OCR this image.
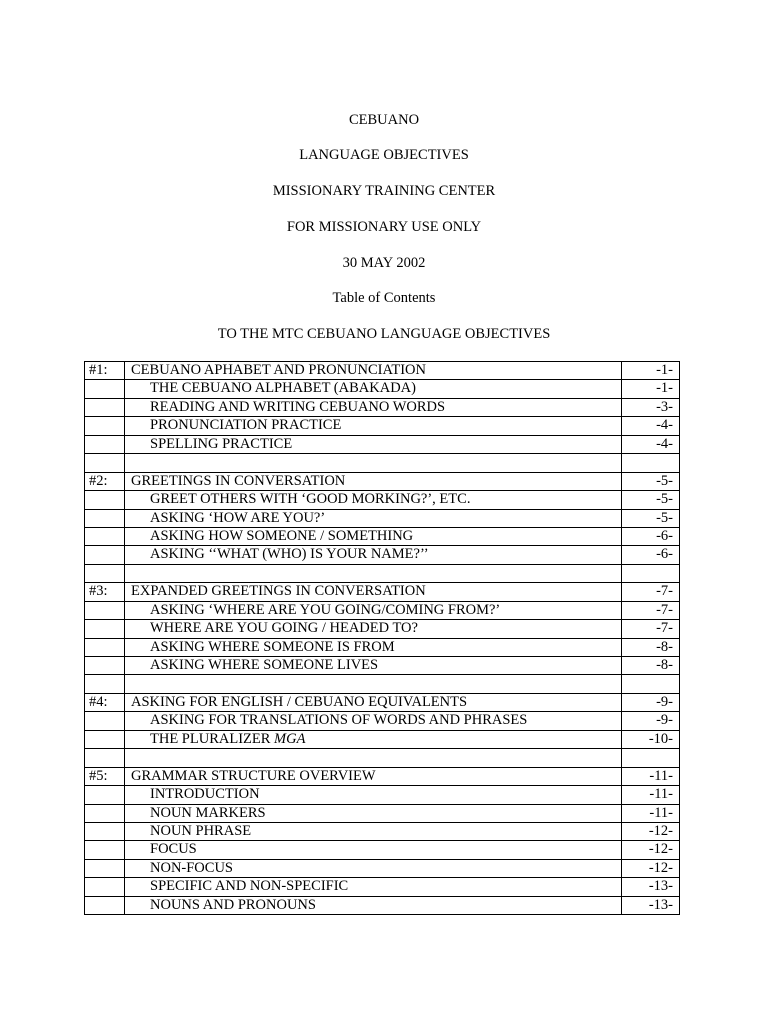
CEBUANO
LANGUAGE OBJECTIVES
MISSIONARY TRAINING CENTER
FOR MISSIONARY USE ONLY
30 MAY 2002
Table of Contents
TO THE MTC CEBUANO LANGUAGE OBJECTIVES
#1:	CEBUANO APHABET AND PRONUNCIATION	-1-
THE CEBUANO ALPHABET (ABAKADA)	-1-
READING AND WRITING CEBUANO WORDS	-3-
PRONUNCIATION PRACTICE	-4-
SPELLING PRACTICE	-4-
#2:	GREETINGS IN CONVERSATION	-5-
GREET OTHERS WITH ‘GOOD MORKING?’, ETC.	-5-
ASKING ‘HOW ARE YOU?’	-5-
ASKING HOW SOMEONE / SOMETHING	-6-
ASKING ‘‘WHAT (WHO) IS YOUR NAME?’’	-6-
#3:	EXPANDED GREETINGS IN CONVERSATION	-7-
ASKING ‘WHERE ARE YOU GOING/COMING FROM?’	-7-
WHERE ARE YOU GOING / HEADED TO?	-7-
ASKING WHERE SOMEONE IS FROM	-8-
ASKING WHERE SOMEONE LIVES	-8-
#4:	ASKING FOR ENGLISH / CEBUANO EQUIVALENTS	-9-
ASKING FOR TRANSLATIONS OF WORDS AND PHRASES	-9-
THE PLURALIZER MGA	-10-
#5:	GRAMMAR STRUCTURE OVERVIEW	-11-
INTRODUCTION	-11-
NOUN MARKERS	-11-
NOUN PHRASE	-12-
FOCUS	-12-
NON-FOCUS	-12-
SPECIFIC AND NON-SPECIFIC	-13-
NOUNS AND PRONOUNS	-13-
